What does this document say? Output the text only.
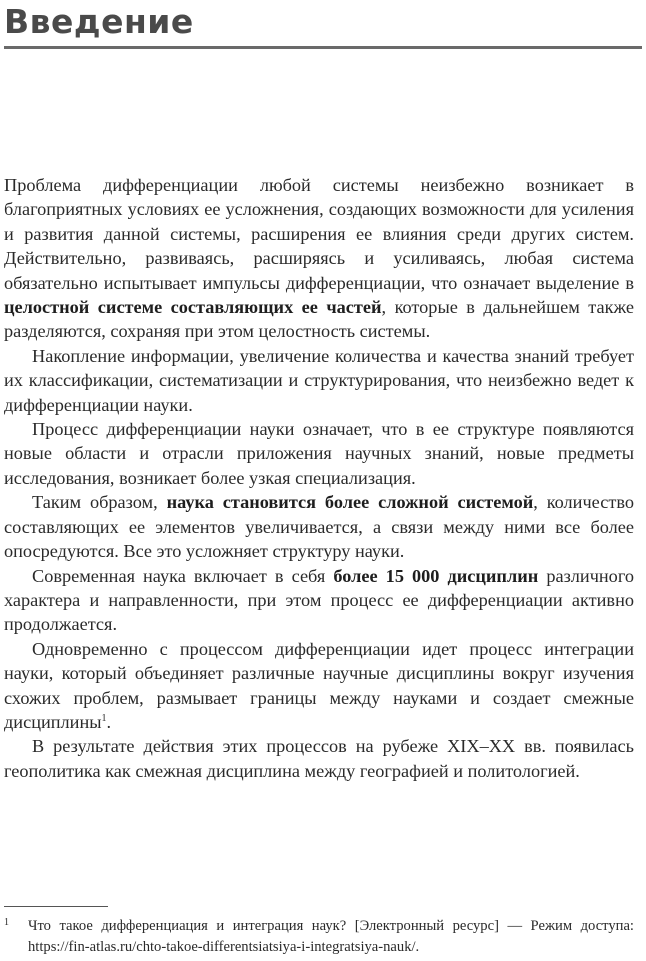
Введение

Проблема дифференциации любой системы неизбежно возникает в благоприятных условиях ее усложнения, создающих возможности для усиления и развития данной системы, расширения ее влияния среди других систем. Действительно, развиваясь, расширяясь и усиливаясь, любая система обязательно испытывает импульсы дифференциации, что означает выделение в целостной системе составляющих ее частей, которые в дальнейшем также разделяются, сохраняя при этом целостность системы.

Накопление информации, увеличение количества и качества знаний требует их классификации, систематизации и структурирования, что неизбежно ведет к дифференциации науки.

Процесс дифференциации науки означает, что в ее структуре появляются новые области и отрасли приложения научных знаний, новые предметы исследования, возникает более узкая специализация.

Таким образом, наука становится более сложной системой, количество составляющих ее элементов увеличивается, а связи между ними все более опосредуются. Все это усложняет структуру науки.

Современная наука включает в себя более 15 000 дисциплин различного характера и направленности, при этом процесс ее дифференциации активно продолжается.

Одновременно с процессом дифференциации идет процесс интеграции науки, который объединяет различные научные дисциплины вокруг изучения схожих проблем, размывает границы между науками и создает смежные дисциплины$^1$.

В результате действия этих процессов на рубеже XIX–XX вв. появилась геополитика как смежная дисциплина между географией и политологией.

1 Что такое дифференциация и интеграция наук? [Электронный ресурс] — Режим доступа: https://fin-atlas.ru/chto-takoe-differentsiatsiya-i-integratsiya-nauk/.
